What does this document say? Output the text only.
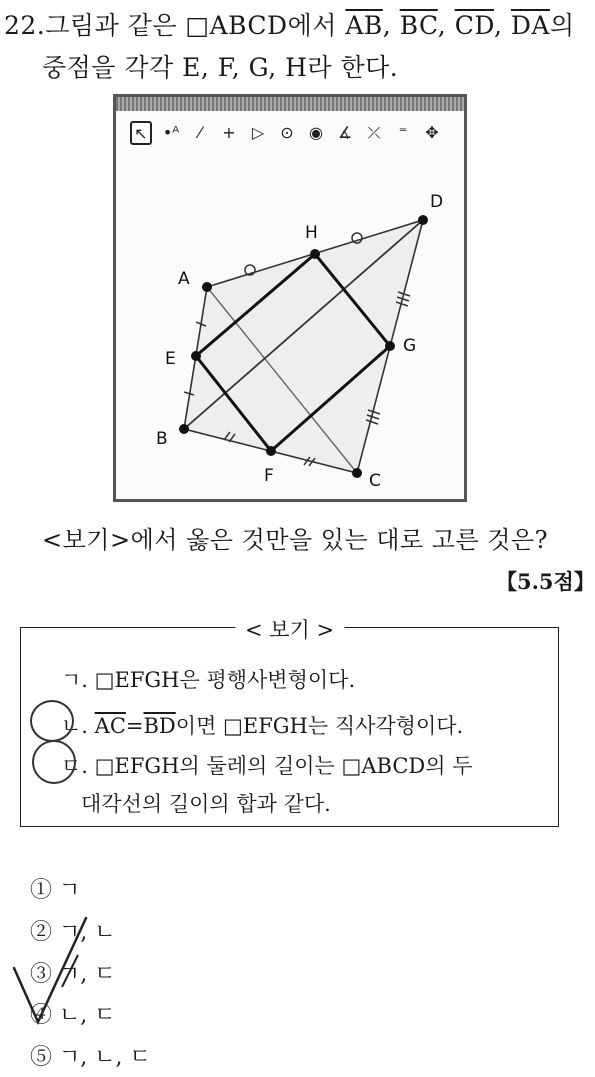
22.그림과 같은 □ABCD에서 $\overline{AB}$, $\overline{BC}$, $\overline{CD}$, $\overline{DA}$의
중점을 각각 E, F, G, H라 한다.
↖ •ᴬ	⁄	+ ▷ ⊙ ◉ ∡ ⤫	⁼	✥
A
B
C
D
E
F
G
H
<보기>에서 옳은 것만을 있는 대로 고른 것은?
【5.5점】
< 보기 >
ㄱ. □EFGH은 평행사변형이다.
ㄴ. $\overline{AC}=\overline{BD}$이면 □EFGH는 직사각형이다.
ㄷ. □EFGH의 둘레의 길이는 □ABCD의 두
대각선의 길이의 합과 같다.
① ㄱ
② ㄱ, ㄴ
③ ㄱ, ㄷ
④ ㄴ, ㄷ
⑤ ㄱ, ㄴ, ㄷ
